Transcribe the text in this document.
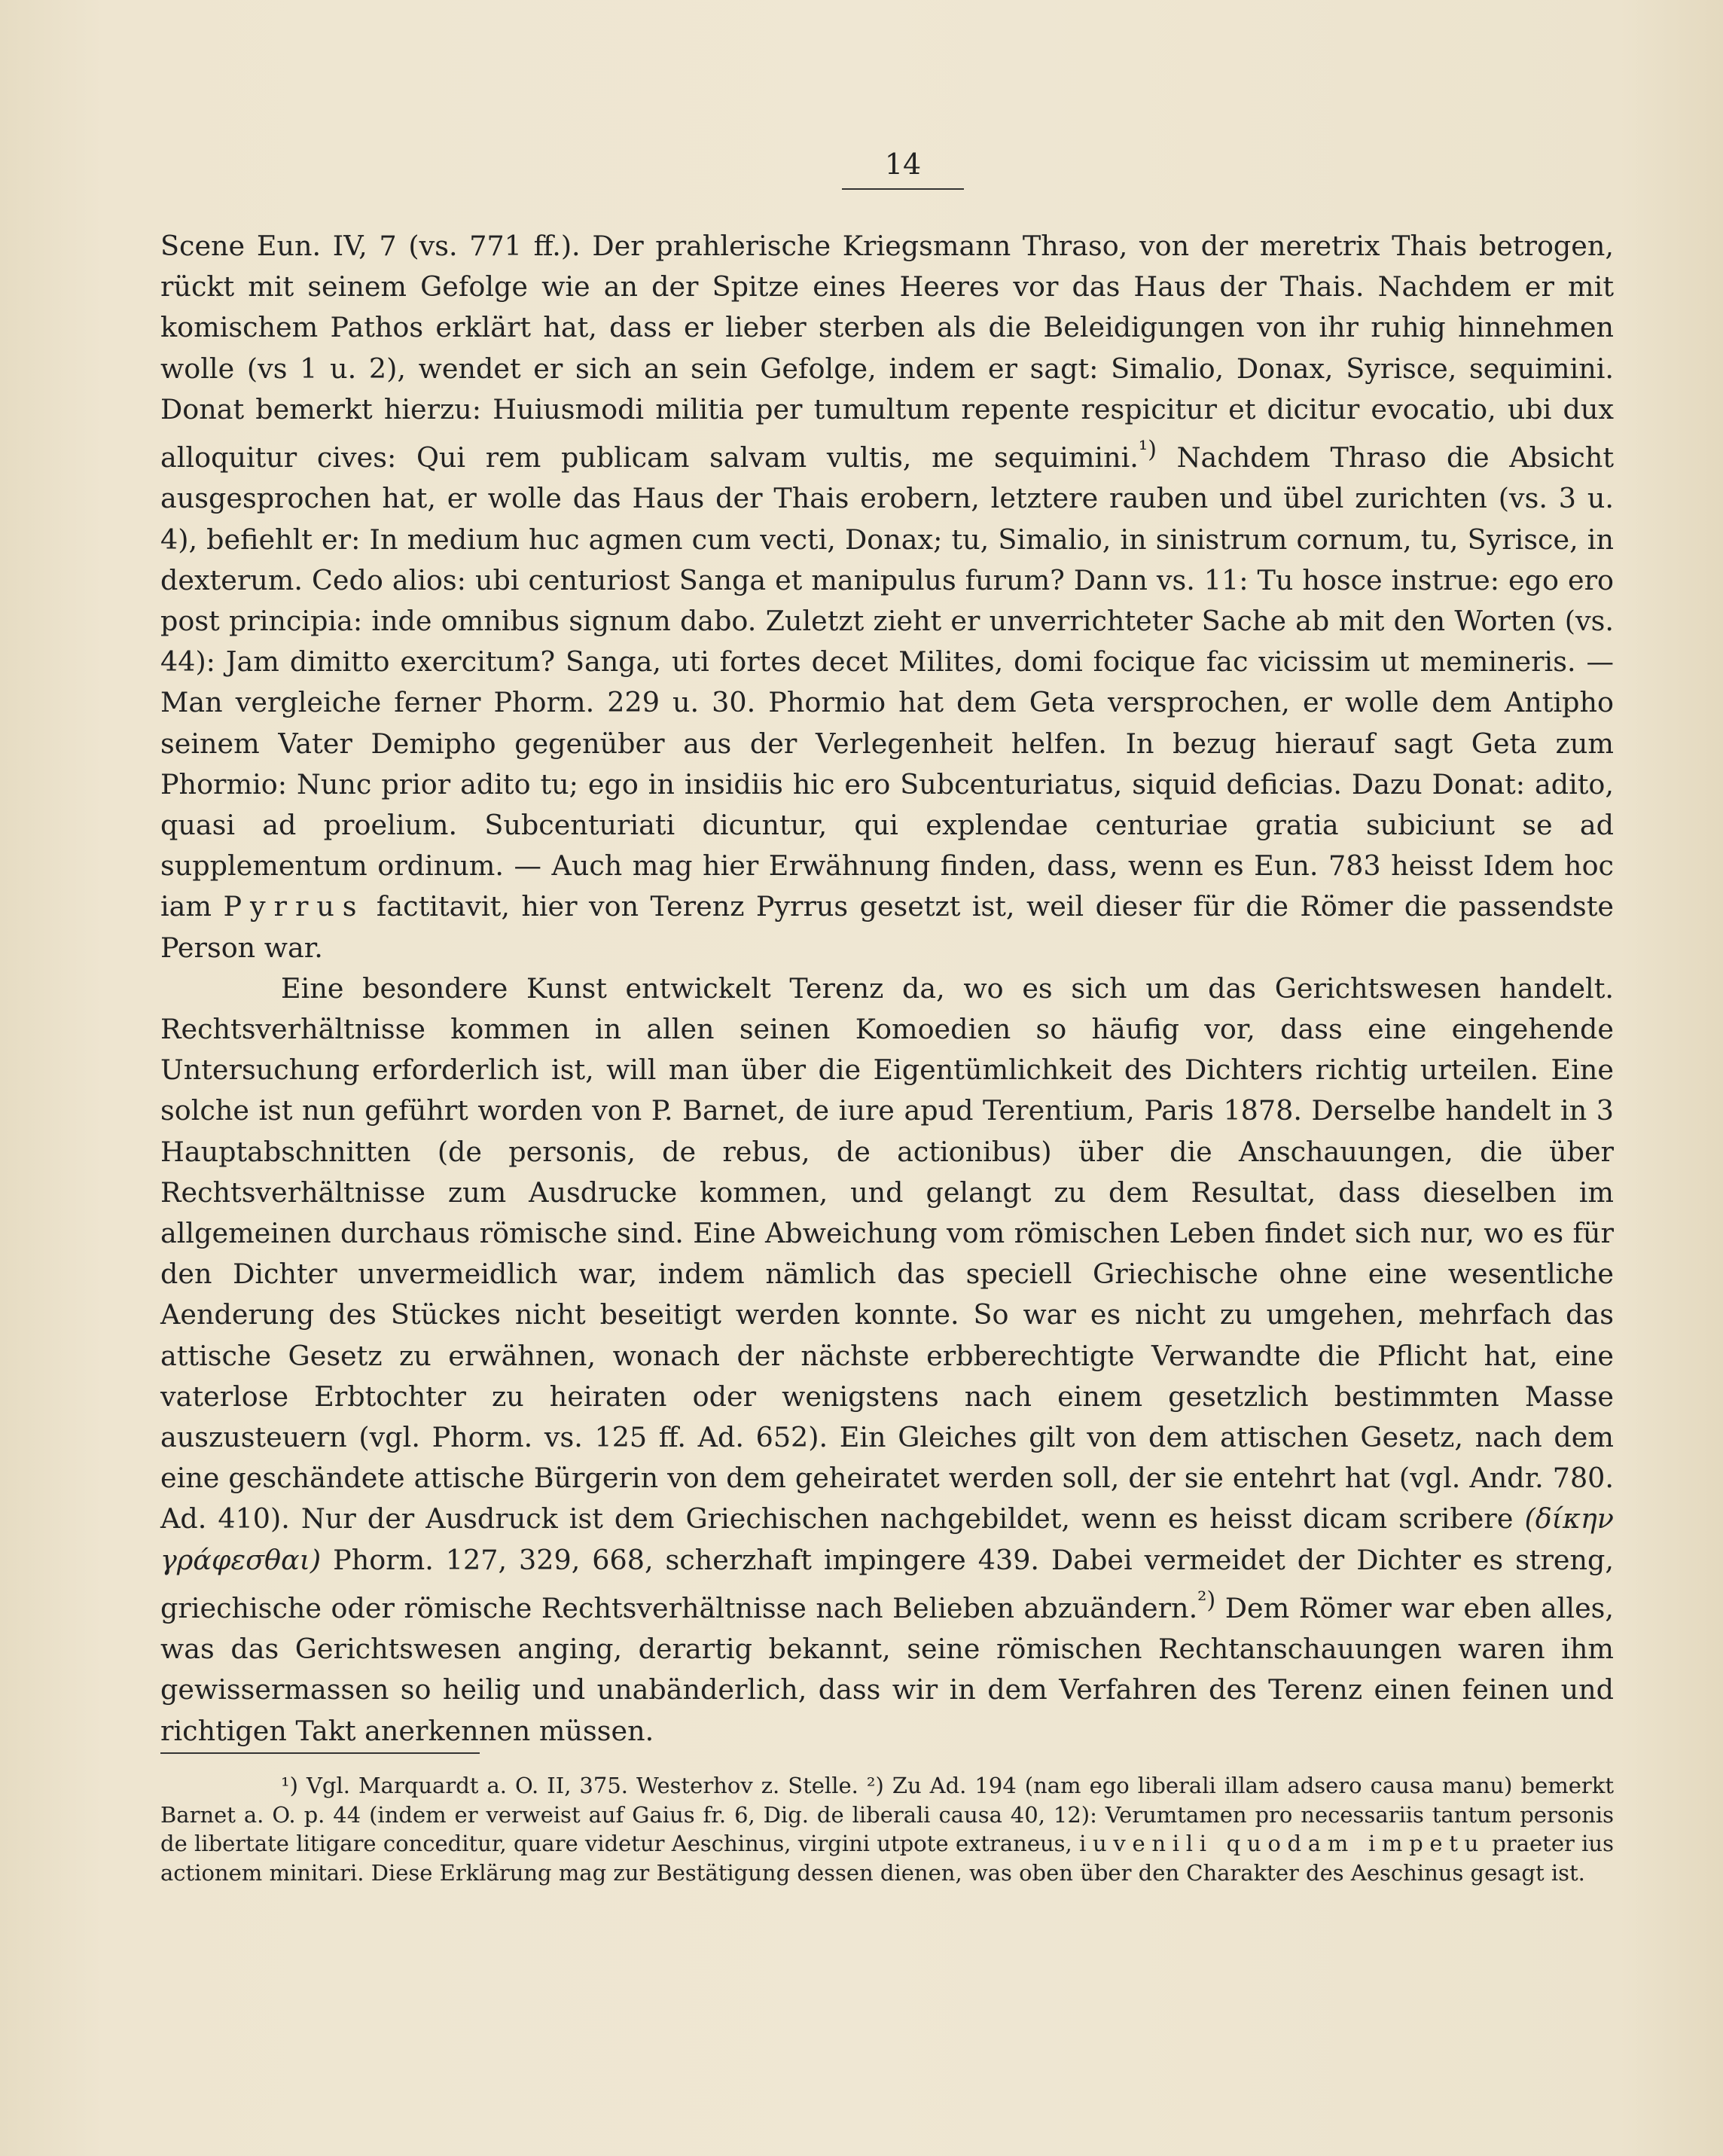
14

Scene Eun. IV, 7 (vs. 771 ff.). Der prahlerische Kriegsmann Thraso, von der meretrix Thais betrogen, rückt mit seinem Gefolge wie an der Spitze eines Heeres vor das Haus der Thais. Nachdem er mit komischem Pathos erklärt hat, dass er lieber sterben als die Beleidigungen von ihr ruhig hinnehmen wolle (vs 1 u. 2), wendet er sich an sein Gefolge, indem er sagt: Simalio, Donax, Syrisce, sequimini. Donat bemerkt hierzu: Huiusmodi militia per tumultum repente respicitur et dicitur evocatio, ubi dux alloquitur cives: Qui rem publicam salvam vultis, me sequimini.$^{^1)}$ Nachdem Thraso die Absicht ausgesprochen hat, er wolle das Haus der Thais erobern, letztere rauben und übel zurichten (vs. 3 u. 4), befiehlt er: In medium huc agmen cum vecti, Donax; tu, Simalio, in sinistrum cornum, tu, Syrisce, in dexterum. Cedo alios: ubi centuriost Sanga et manipulus furum? Dann vs. 11: Tu hosce instrue: ego ero post principia: inde omnibus signum dabo. Zuletzt zieht er unverrichteter Sache ab mit den Worten (vs. 44): Jam dimitto exercitum? Sanga, uti fortes decet Milites, domi focique fac vicissim ut memineris. — Man vergleiche ferner Phorm. 229 u. 30. Phormio hat dem Geta versprochen, er wolle dem Antipho seinem Vater Demipho gegenüber aus der Verlegenheit helfen. In bezug hierauf sagt Geta zum Phormio: Nunc prior adito tu; ego in insidiis hic ero Subcenturiatus, siquid deficias. Dazu Donat: adito, quasi ad proelium. Subcenturiati dicuntur, qui explendae centuriae gratia subiciunt se ad supplementum ordinum. — Auch mag hier Erwähnung finden, dass, wenn es Eun. 783 heisst Idem hoc iam Pyrrus factitavit, hier von Terenz Pyrrus gesetzt ist, weil dieser für die Römer die passendste Person war.

Eine besondere Kunst entwickelt Terenz da, wo es sich um das Gerichtswesen handelt. Rechtsverhältnisse kommen in allen seinen Komoedien so häufig vor, dass eine eingehende Untersuchung erforderlich ist, will man über die Eigentümlichkeit des Dichters richtig urteilen. Eine solche ist nun geführt worden von P. Barnet, de iure apud Terentium, Paris 1878. Derselbe handelt in 3 Hauptabschnitten (de personis, de rebus, de actionibus) über die Anschauungen, die über Rechtsverhältnisse zum Ausdrucke kommen, und gelangt zu dem Resultat, dass dieselben im allgemeinen durchaus römische sind. Eine Abweichung vom römischen Leben findet sich nur, wo es für den Dichter unvermeidlich war, indem nämlich das speciell Griechische ohne eine wesentliche Aenderung des Stückes nicht beseitigt werden konnte. So war es nicht zu umgehen, mehrfach das attische Gesetz zu erwähnen, wonach der nächste erbberechtigte Verwandte die Pflicht hat, eine vaterlose Erbtochter zu heiraten oder wenigstens nach einem gesetzlich bestimmten Masse auszusteuern (vgl. Phorm. vs. 125 ff. Ad. 652). Ein Gleiches gilt von dem attischen Gesetz, nach dem eine geschändete attische Bürgerin von dem geheiratet werden soll, der sie entehrt hat (vgl. Andr. 780. Ad. 410). Nur der Ausdruck ist dem Griechischen nachgebildet, wenn es heisst dicam scribere (δίκην γράφεσθαι) Phorm. 127, 329, 668, scherzhaft impingere 439. Dabei vermeidet der Dichter es streng, griechische oder römische Rechtsverhältnisse nach Belieben abzuändern.$^{^2)}$ Dem Römer war eben alles, was das Gerichtswesen anging, derartig bekannt, seine römischen Rechtanschauungen waren ihm gewissermassen so heilig und unabänderlich, dass wir in dem Verfahren des Terenz einen feinen und richtigen Takt anerkennen müssen.

¹) Vgl. Marquardt a. O. II, 375. Westerhov z. Stelle. ²) Zu Ad. 194 (nam ego liberali illam adsero causa manu) bemerkt Barnet a. O. p. 44 (indem er verweist auf Gaius fr. 6, Dig. de liberali causa 40, 12): Verumtamen pro necessariis tantum personis de libertate litigare conceditur, quare videtur Aeschinus, virgini utpote extraneus, iuvenili quodam impetu praeter ius actionem minitari. Diese Erklärung mag zur Bestätigung dessen dienen, was oben über den Charakter des Aeschinus gesagt ist.
